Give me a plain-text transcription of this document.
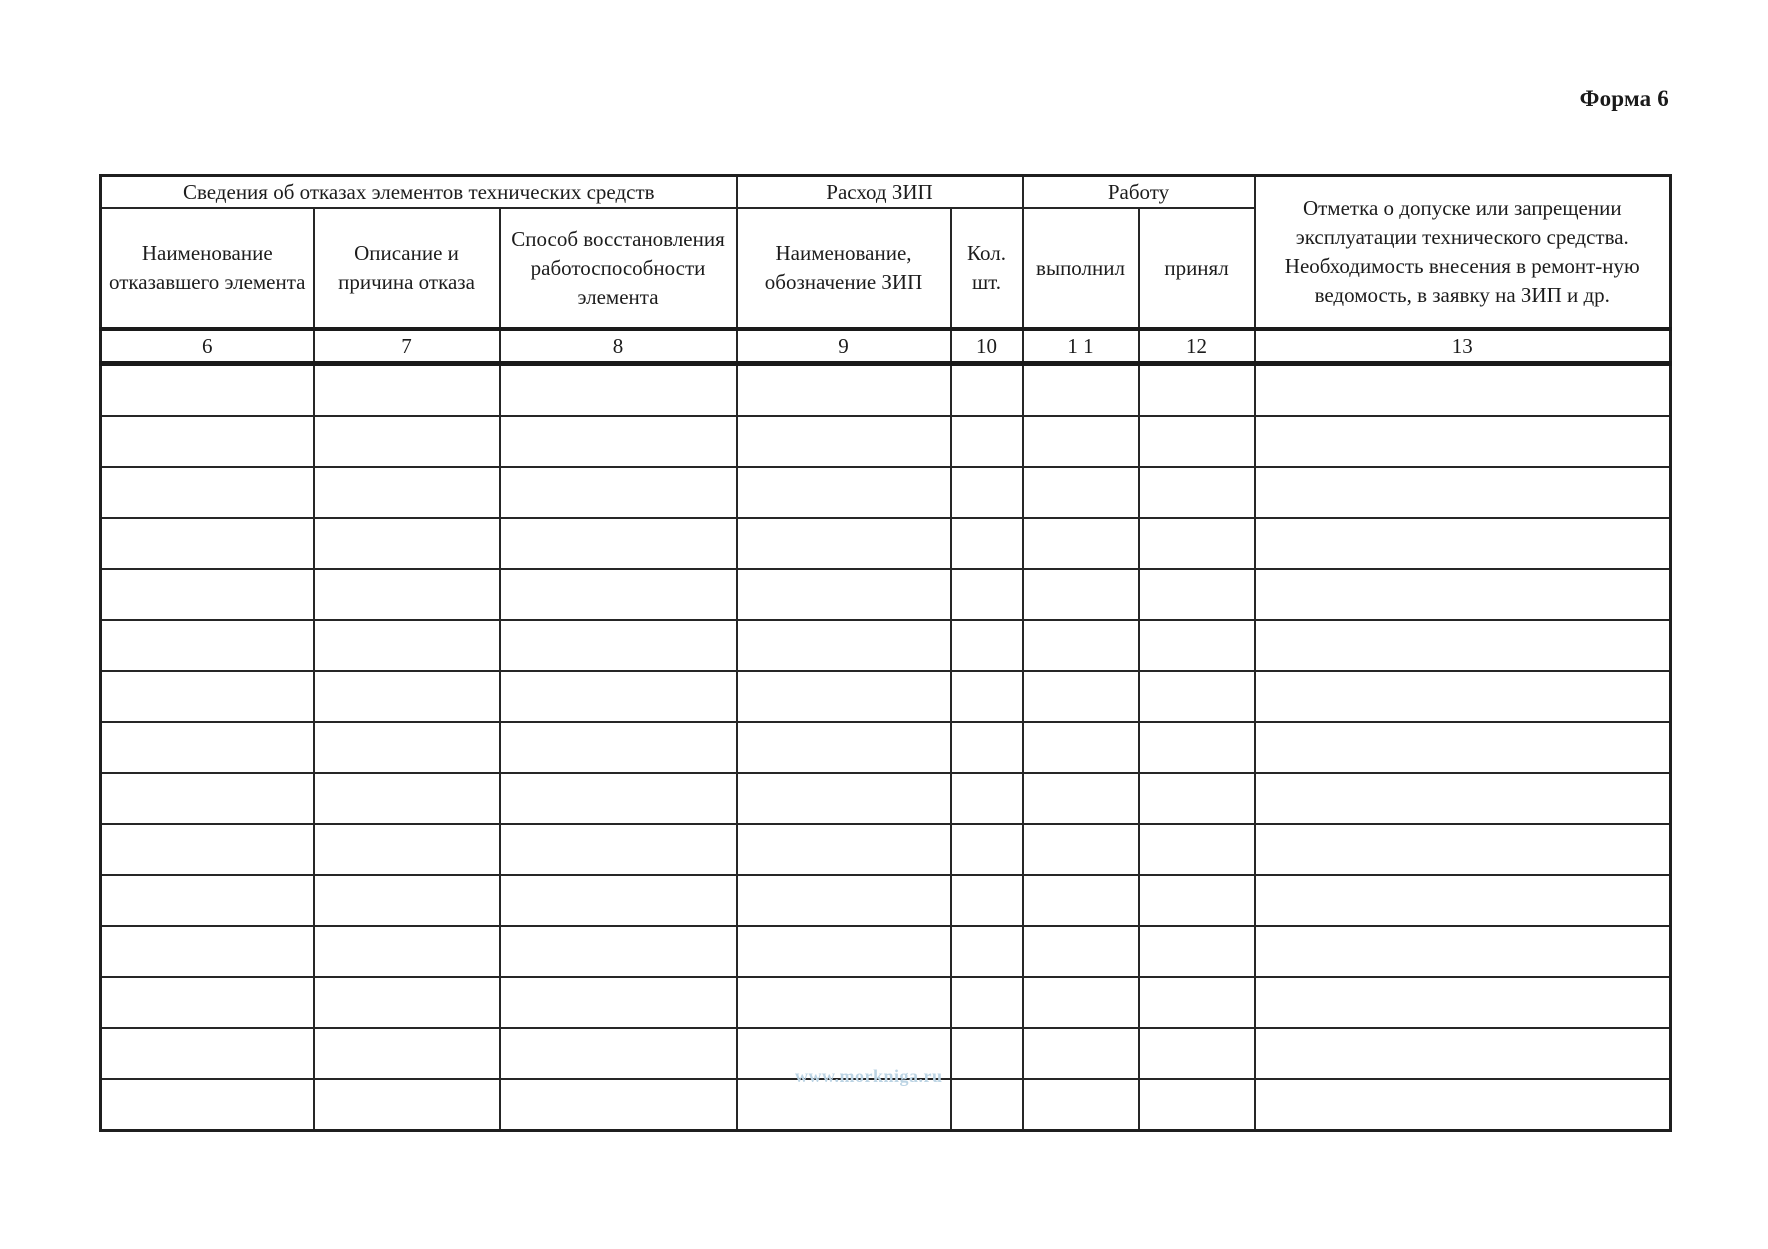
Форма 6
Сведения об отказах элементов технических средств			Расход ЗИП		Работу		Отметка о допуске или запрещении эксплуатации технического средства. Необходимость внесения в ремонт-ную ведомость, в заявку на ЗИП и др.
Наименование отказавшего элемента	Описание и причина отказа	Способ восстановления работоспособности элемента	Наименование, обозначение ЗИП	Кол. шт.	выполнил	принял	
6	7	8	9	10	1 1	12	13

www.morkniga.ru
